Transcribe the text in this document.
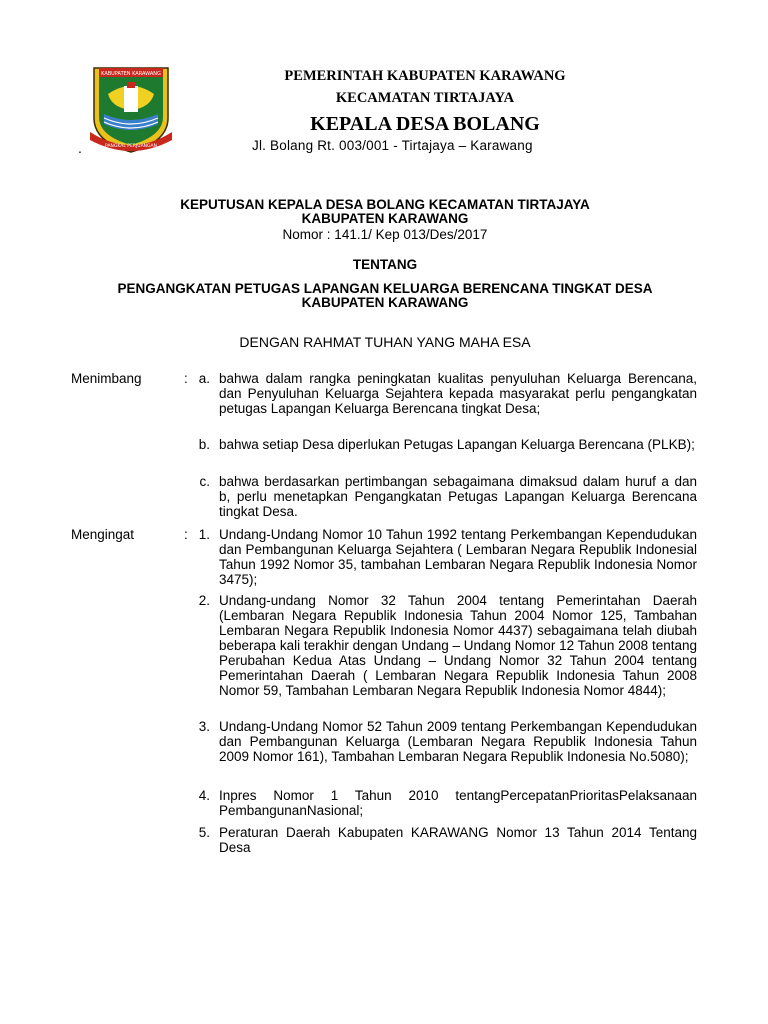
KABUPATEN KARAWANG
PANGKAL PERJUANGAN
.
PEMERINTAH KABUPATEN KARAWANG
KECAMATAN TIRTAJAYA
KEPALA DESA BOLANG
Jl. Bolang Rt. 003/001 - Tirtajaya – Karawang
KEPUTUSAN KEPALA DESA BOLANG KECAMATAN TIRTAJAYA
KABUPATEN KARAWANG
Nomor : 141.1/ Kep 013/Des/2017
TENTANG
PENGANGKATAN PETUGAS LAPANGAN KELUARGA BERENCANA TINGKAT DESA
KABUPATEN KARAWANG
DENGAN RAHMAT TUHAN YANG MAHA ESA
Menimbang	: a. bahwa dalam rangka peningkatan kualitas penyuluhan Keluarga Berencana, dan Penyuluhan Keluarga Sejahtera kepada masyarakat perlu pengangkatan petugas Lapangan Keluarga Berencana tingkat Desa;
b. bahwa setiap Desa diperlukan Petugas Lapangan Keluarga Berencana (PLKB);
c. bahwa berdasarkan pertimbangan sebagaimana dimaksud dalam huruf a dan b, perlu menetapkan Pengangkatan Petugas Lapangan Keluarga Berencana tingkat Desa.
Mengingat	: 1. Undang-Undang Nomor 10 Tahun 1992 tentang Perkembangan Kependudukan dan Pembangunan Keluarga Sejahtera ( Lembaran Negara Republik Indonesial Tahun 1992 Nomor 35, tambahan Lembaran Negara Republik Indonesia Nomor 3475);
2. Undang-undang Nomor 32 Tahun 2004 tentang Pemerintahan Daerah (Lembaran Negara Republik Indonesia Tahun 2004 Nomor 125, Tambahan Lembaran Negara Republik Indonesia Nomor 4437) sebagaimana telah diubah beberapa kali terakhir dengan Undang – Undang Nomor 12 Tahun 2008 tentang Perubahan Kedua Atas Undang – Undang Nomor 32 Tahun 2004 tentang Pemerintahan Daerah ( Lembaran Negara Republik Indonesia Tahun 2008 Nomor 59, Tambahan Lembaran Negara Republik Indonesia Nomor 4844);
3. Undang-Undang Nomor 52 Tahun 2009 tentang Perkembangan Kependudukan dan Pembangunan Keluarga (Lembaran Negara Republik Indonesia Tahun 2009 Nomor 161), Tambahan Lembaran Negara Republik Indonesia No.5080);
4. Inpres Nomor 1 Tahun 2010 tentangPercepatanPrioritasPelaksanaan PembangunanNasional;
5. Peraturan Daerah Kabupaten KARAWANG Nomor 13 Tahun 2014 Tentang Desa
